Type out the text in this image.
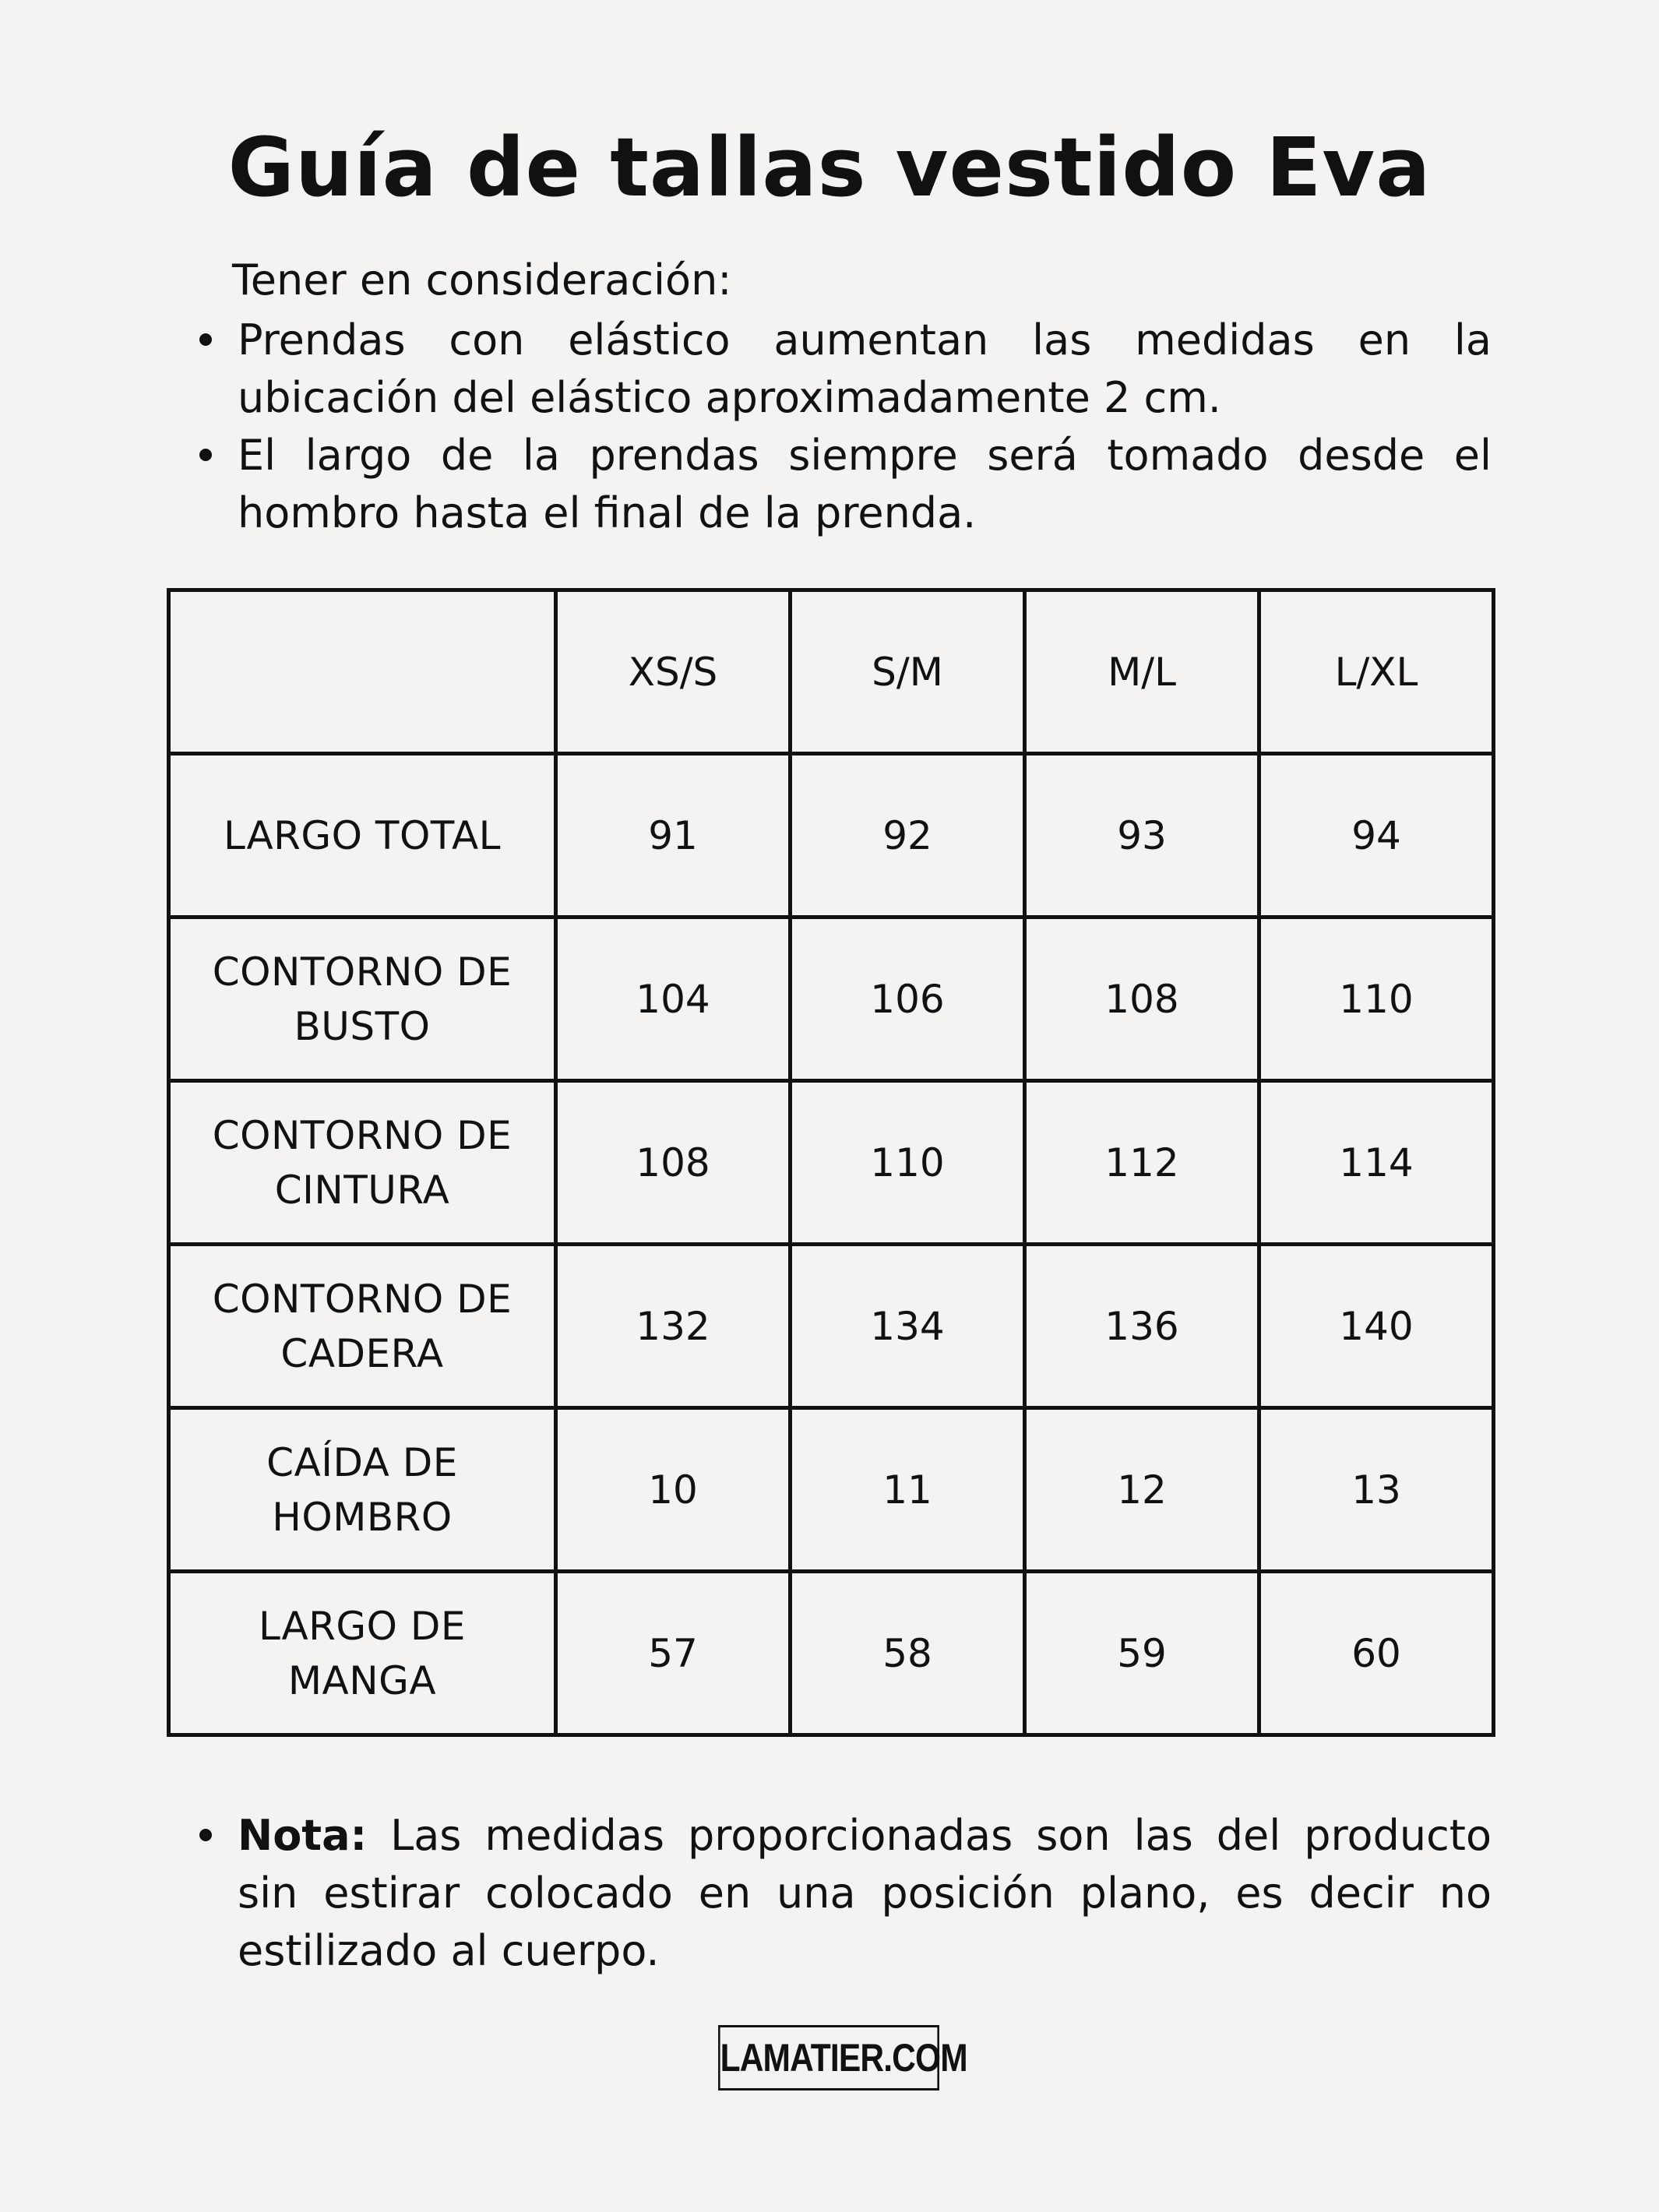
Guía de tallas vestido Eva

Tener en consideración:

Prendas con elástico aumentan las medidas en la ubicación del elástico aproximadamente 2 cm.
El largo de la prendas siempre será tomado desde el hombro hasta el final de la prenda.
	XS/S	S/M	M/L	L/XL
LARGO TOTAL	91	92	93	94
CONTORNO DE BUSTO	104	106	108	110
CONTORNO DE CINTURA	108	110	112	114
CONTORNO DE CADERA	132	134	136	140
CAÍDA DE HOMBRO	10	11	12	13
LARGO DE MANGA	57	58	59	60
Nota: Las medidas proporcionadas son las del producto sin estirar colocado en una posición plano, es decir no estilizado al cuerpo.
LAMATIER.COM
